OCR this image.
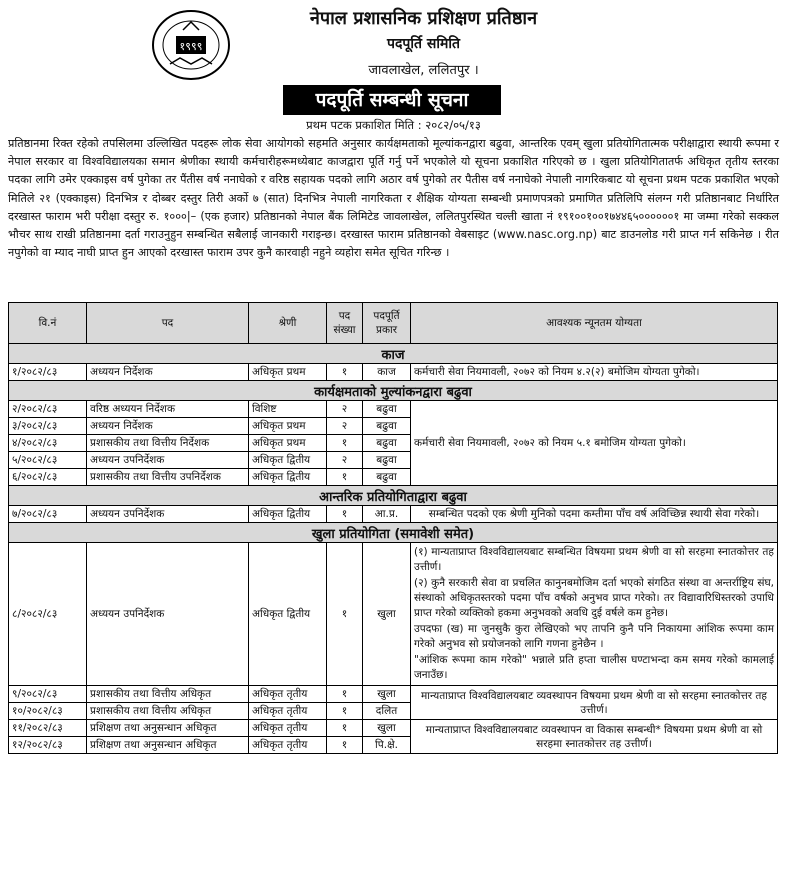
१९९९
नेपाल प्रशासनिक प्रशिक्षण प्रतिष्ठान
पदपूर्ति समिति
जावलाखेल, ललितपुर ।
पदपूर्ति सम्बन्धी सूचना
प्रथम पटक प्रकाशित मिति : २०८२/०५/१३
प्रतिष्ठानमा रिक्त रहेको तपसिलमा उल्लिखित पदहरू लोक सेवा आयोगको सहमति अनुसार कार्यक्षमताको मूल्यांकनद्वारा बढुवा, आन्तरिक एवम् खुला प्रतियोगितात्मक परीक्षाद्वारा स्थायी रूपमा र नेपाल सरकार वा विश्वविद्यालयका समान श्रेणीका स्थायी कर्मचारीहरूमध्येबाट काजद्वारा पूर्ति गर्नु पर्ने भएकोले यो सूचना प्रकाशित गरिएको छ । खुला प्रतियोगितातर्फ अधिकृत तृतीय स्तरका पदका लागि उमेर एक्काइस वर्ष पुगेका तर पैंतीस वर्ष ननाघेको र वरिष्ठ सहायक पदको लागि अठार वर्ष पुगेको तर पैतीस वर्ष ननाघेको नेपाली नागरिकबाट यो सूचना प्रथम पटक प्रकाशित भएको मितिले २१ (एक्काइस) दिनभित्र र दोब्बर दस्तुर तिरी अर्को ७ (सात) दिनभित्र नेपाली नागरिकता र शैक्षिक योग्यता सम्बन्धी प्रमाणपत्रको प्रमाणित प्रतिलिपि संलग्न गरी प्रतिष्ठानबाट निर्धारित दरखास्त फाराम भरी परीक्षा दस्तुर रु. १०००|– (एक हजार) प्रतिष्ठानको नेपाल बैंक लिमिटेड जावलाखेल, ललितपुरस्थित चल्ती खाता नं १९१००१००१७४४६५००००००१ मा जम्मा गरेको सक्कल भौचर साथ राखी प्रतिष्ठानमा दर्ता गराउनुहुन सम्बन्धित सबैलाई जानकारी गराइन्छ। दरखास्त फाराम प्रतिष्ठानको वेबसाइट (www.nasc.org.np) बाट डाउनलोड गरी प्राप्त गर्न सकिनेछ । रीत नपुगेको वा म्याद नाघी प्राप्त हुन आएको दरखास्त फाराम उपर कुनै कारवाही नहुने व्यहोरा समेत सूचित गरिन्छ ।
वि.नं	पद	श्रेणी	पद संख्या	पदपूर्ति प्रकार	आवश्यक न्यूनतम योग्यता
काज					
१/२०८२/८३	अध्ययन निर्देशक	अधिकृत प्रथम	१	काज	कर्मचारी सेवा नियमावली, २०७२ को नियम ४.२(२) बमोजिम योग्यता पुगेको।
कार्यक्षमताको मुल्यांकनद्वारा बढुवा					
२/२०८२/८३	वरिष्ठ अध्ययन निर्देशक	विशिष्ट	२	बढुवा	कर्मचारी सेवा नियमावली, २०७२ को नियम ५.१ बमोजिम योग्यता पुगेको।
३/२०८२/८३	अध्ययन निर्देशक	अधिकृत प्रथम	२	बढुवा	
४/२०८२/८३	प्रशासकीय तथा वित्तीय निर्देशक	अधिकृत प्रथम	१	बढुवा	
५/२०८२/८३	अध्ययन उपनिर्देशक	अधिकृत द्वितीय	२	बढुवा	
६/२०८२/८३	प्रशासकीय तथा वित्तीय उपनिर्देशक	अधिकृत द्वितीय	१	बढुवा	
आन्तरिक प्रतियोगिताद्वारा बढुवा					
७/२०८२/८३	अध्ययन उपनिर्देशक	अधिकृत द्वितीय	१	आ.प्र.	सम्बन्धित पदको एक श्रेणी मुनिको पदमा कम्तीमा पाँच वर्ष अविच्छिन्न स्थायी सेवा गरेको।
खुला प्रतियोगिता (समावेशी समेत)					
८/२०८२/८३	अध्ययन उपनिर्देशक	अधिकृत द्वितीय	१	खुला	(१) मान्यताप्राप्त विश्वविद्यालयबाट सम्बन्धित विषयमा प्रथम श्रेणी वा सो सरहमा स्नातकोत्तर तह उत्तीर्ण।
(२) कुनै सरकारी सेवा वा प्रचलित कानुनबमोजिम दर्ता भएको संगठित संस्था वा अन्तर्राष्ट्रिय संघ, संस्थाको अधिकृतस्तरको पदमा पाँच वर्षको अनुभव प्राप्त गरेको। तर विद्यावारिधिस्तरको उपाधि प्राप्त गरेको व्यक्तिको हकमा अनुभवको अवधि दुई वर्षले कम हुनेछ।
उपदफा (ख) मा जुनसुकै कुरा लेखिएको भए तापनि कुनै पनि निकायमा आंशिक रूपमा काम गरेको अनुभव सो प्रयोजनको लागि गणना हुनेछैन ।
"आंशिक रूपमा काम गरेको" भन्नाले प्रति हप्ता चालीस घण्टाभन्दा कम समय गरेको कामलाई जनाउँछ।

९/२०८२/८३	प्रशासकीय तथा वित्तीय अधिकृत	अधिकृत तृतीय	१	खुला	मान्यताप्राप्त विश्वविद्यालयबाट व्यवस्थापन विषयमा प्रथम श्रेणी वा सो सरहमा स्नातकोत्तर तह उत्तीर्ण।
१०/२०८२/८३	प्रशासकीय तथा वित्तीय अधिकृत	अधिकृत तृतीय	१	दलित	
११/२०८२/८३	प्रशिक्षण तथा अनुसन्धान अधिकृत	अधिकृत तृतीय	१	खुला	मान्यताप्राप्त विश्वविद्यालयबाट व्यवस्थापन वा विकास सम्बन्धी* विषयमा प्रथम श्रेणी वा सो सरहमा स्नातकोत्तर तह उत्तीर्ण।
१२/२०८२/८३	प्रशिक्षण तथा अनुसन्धान अधिकृत	अधिकृत तृतीय	१	पि.क्षे.	
